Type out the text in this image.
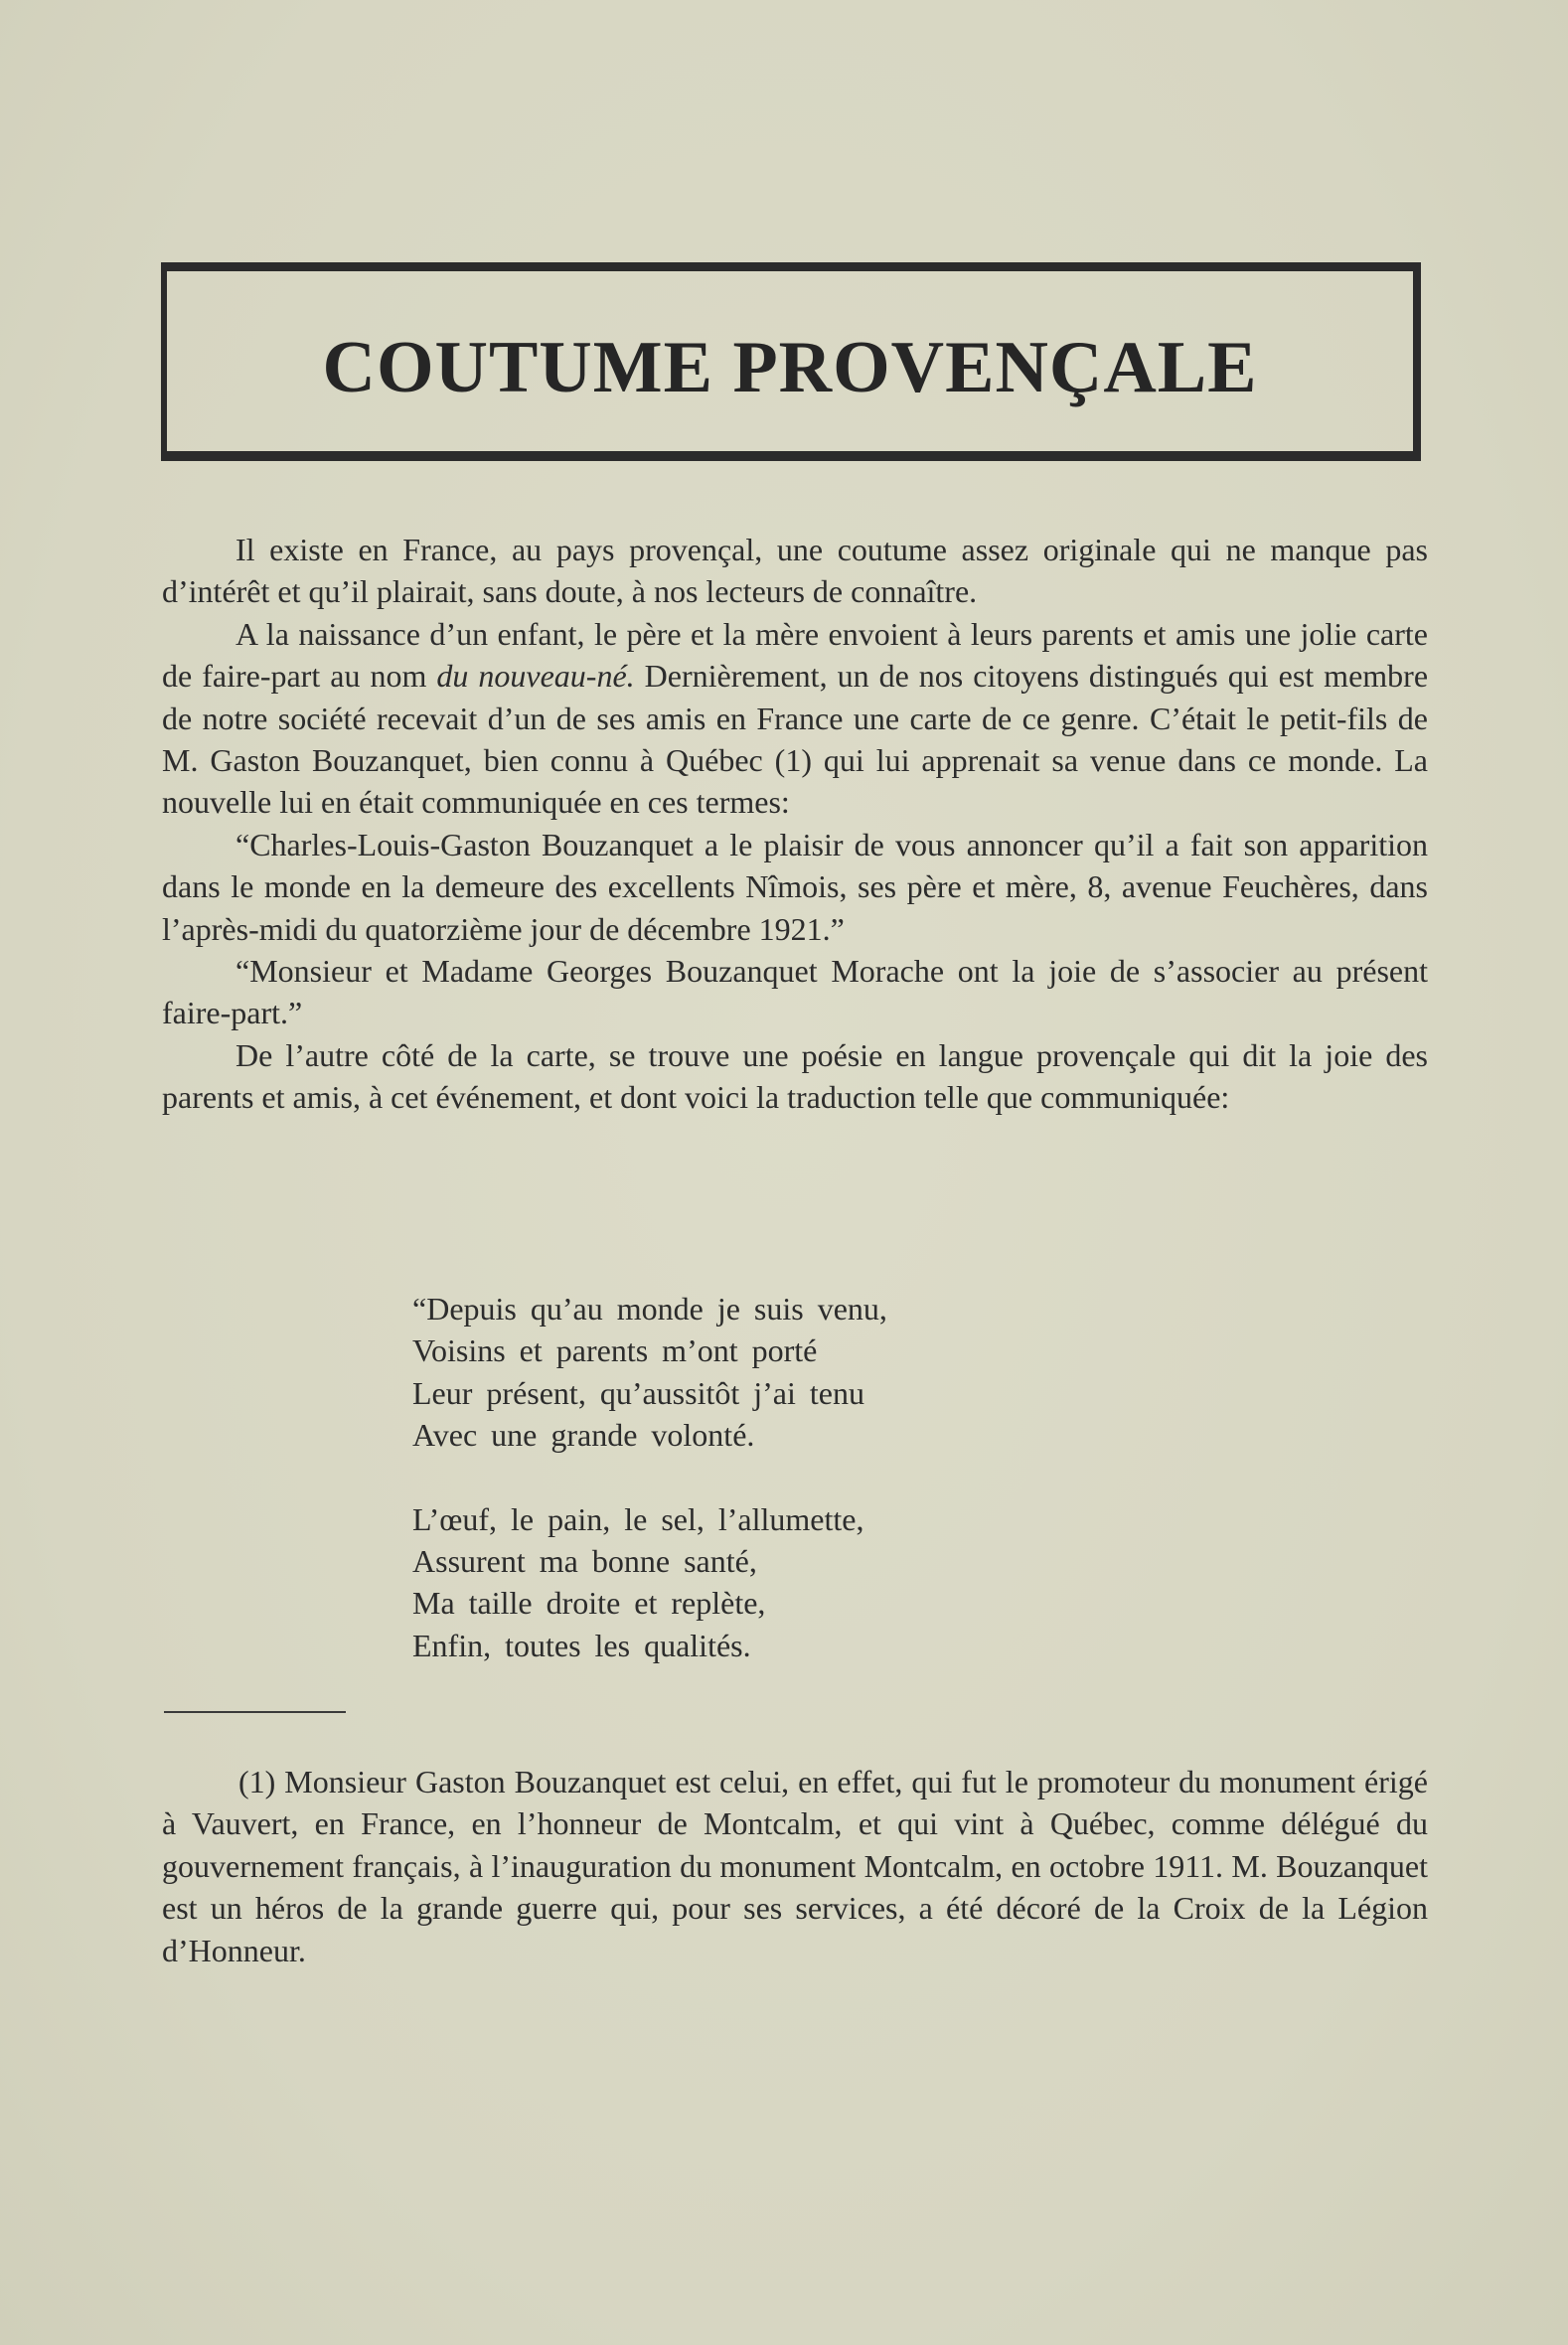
COUTUME PROVENÇALE

Il existe en France, au pays provençal, une coutume assez originale qui ne manque pas d’intérêt et qu’il plairait, sans doute, à nos lecteurs de connaître.

A la naissance d’un enfant, le père et la mère envoient à leurs parents et amis une jolie carte de faire-part au nom du nouveau-né. Dernièrement, un de nos citoyens distingués qui est membre de notre société recevait d’un de ses amis en France une carte de ce genre. C’était le petit-fils de M. Gaston Bouzanquet, bien connu à Québec (1) qui lui apprenait sa venue dans ce monde. La nouvelle lui en était communiquée en ces termes:

“Charles-Louis-Gaston Bouzanquet a le plaisir de vous annoncer qu’il a fait son apparition dans le monde en la demeure des excellents Nîmois, ses père et mère, 8, avenue Feuchères, dans l’après-midi du quatorzième jour de décembre 1921.”

“Monsieur et Madame Georges Bouzanquet Morache ont la joie de s’associer au présent faire-part.”

De l’autre côté de la carte, se trouve une poésie en langue provençale qui dit la joie des parents et amis, à cet événement, et dont voici la traduction telle que communiquée:

“Depuis qu’au monde je suis venu,
Voisins et parents m’ont porté
Leur présent, qu’aussitôt j’ai tenu
Avec une grande volonté.
L’œuf, le pain, le sel, l’allumette,
Assurent ma bonne santé,
Ma taille droite et replète,
Enfin, toutes les qualités.

(1) Monsieur Gaston Bouzanquet est celui, en effet, qui fut le promoteur du monument érigé à Vauvert, en France, en l’honneur de Montcalm, et qui vint à Québec, comme délégué du gouvernement français, à l’inauguration du monument Montcalm, en octobre 1911. M. Bouzanquet est un héros de la grande guerre qui, pour ses services, a été décoré de la Croix de la Légion d’Honneur.
